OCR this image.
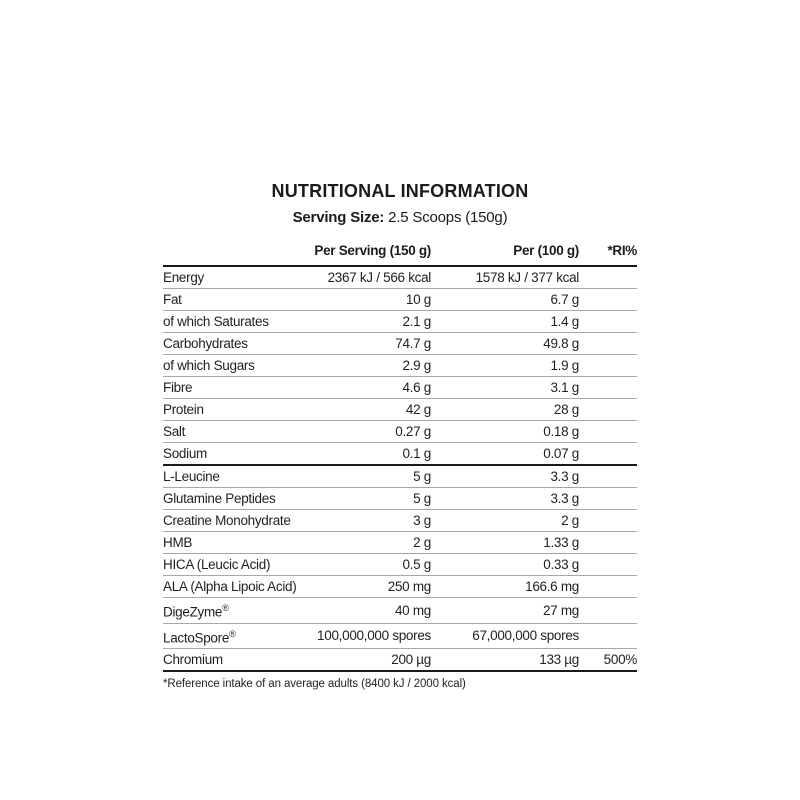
NUTRITIONAL INFORMATION

Serving Size: 2.5 Scoops (150g)

	Per Serving (150 g)	Per (100 g)	*RI%
Energy	2367 kJ / 566 kcal	1578 kJ / 377 kcal	
Fat	10 g	6.7 g	
of which Saturates	2.1 g	1.4 g	
Carbohydrates	74.7 g	49.8 g	
of which Sugars	2.9 g	1.9 g	
Fibre	4.6 g	3.1 g	
Protein	42 g	28 g	
Salt	0.27 g	0.18 g	
Sodium	0.1 g	0.07 g	
L-Leucine	5 g	3.3 g	
Glutamine Peptides	5 g	3.3 g	
Creatine Monohydrate	3 g	2 g	
HMB	2 g	1.33 g	
HICA (Leucic Acid)	0.5 g	0.33 g	
ALA (Alpha Lipoic Acid)	250 mg	166.6 mg	
DigeZyme®	40 mg	27 mg	
LactoSpore®	100,000,000 spores	67,000,000 spores	
Chromium	200 µg	133 µg	500%

*Reference intake of an average adults (8400 kJ / 2000 kcal)
